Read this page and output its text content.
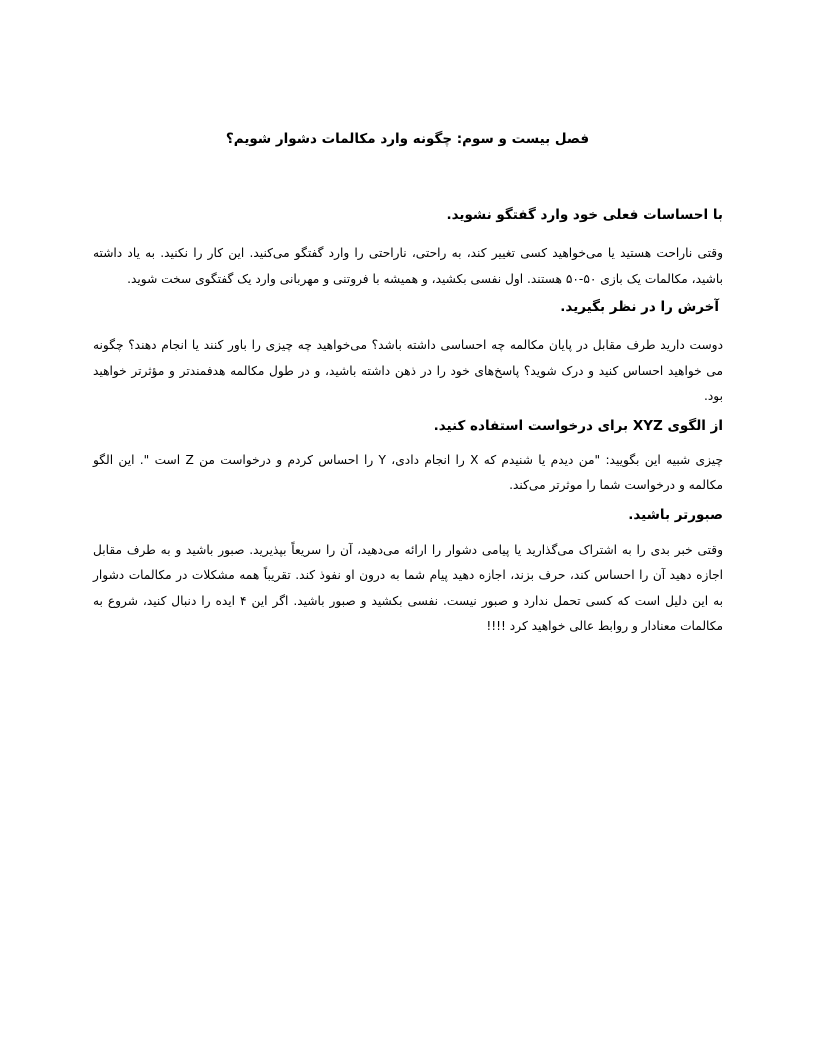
فصل بیست و سوم: چگونه وارد مکالمات دشوار شویم؟
با احساسات فعلی خود وارد گفتگو نشوید.

وقتی ناراحت هستید یا می‌خواهید کسی تغییر کند، به راحتی، ناراحتی را وارد گفتگو می‌کنید. این کار را نکنید. به یاد داشته باشید، مکالمات یک بازی ۵۰-۵۰ هستند. اول نفسی بکشید، و همیشه با فروتنی و مهربانی وارد یک گفتگوی سخت شوید.

آخرش را در نظر بگیرید.

دوست دارید طرف مقابل در پایان مکالمه چه احساسی داشته باشد؟ می‌خواهید چه چیزی را باور کنند یا انجام دهند؟ چگونه می خواهید احساس کنید و درک شوید؟ پاسخ‌های خود را در ذهن داشته باشید، و در طول مکالمه هدفمندتر و مؤثرتر خواهید بود.

از الگوی XYZ برای درخواست استفاده کنید.

چیزی شبیه این بگویید: "من دیدم یا شنیدم که X را انجام دادی، Y را احساس کردم و درخواست من Z است ". این الگو مکالمه و درخواست شما را موثرتر می‌کند.

صبورتر باشید.

وقتی خبر بدی را به اشتراک می‌گذارید یا پیامی دشوار را ارائه می‌دهید، آن را سریعاً بپذیرید. صبور باشید و به طرف مقابل اجازه دهید آن را احساس کند، حرف بزند، اجازه دهید پیام شما به درون او نفوذ کند. تقریباً همه مشکلات در مکالمات دشوار به این دلیل است که کسی تحمل ندارد و صبور نیست. نفسی بکشید و صبور باشید. اگر این ۴ ایده را دنبال کنید، شروع به مکالمات معنادار و روابط عالی خواهید کرد !!!!
